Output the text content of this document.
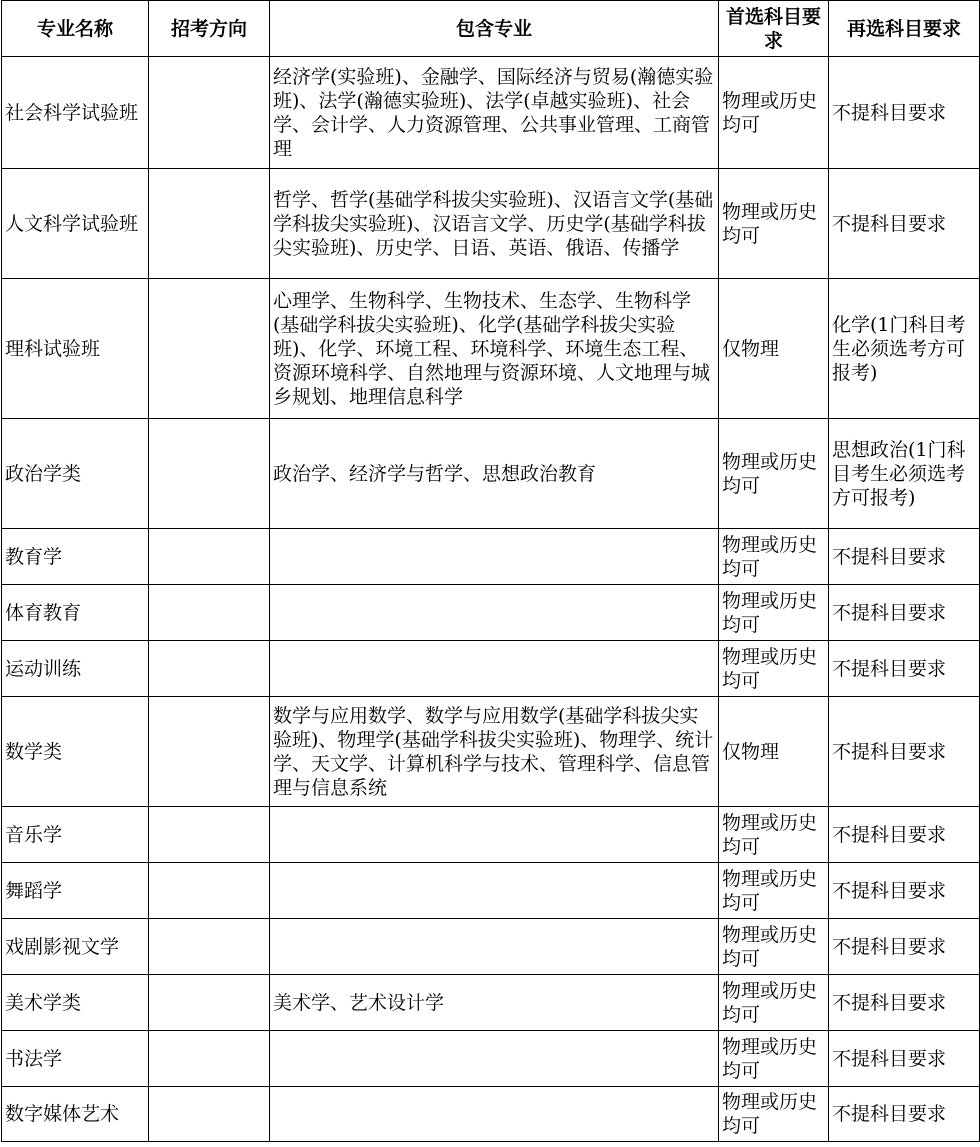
专业名称	招考方向	包含专业	首选科目要求	再选科目要求
社会科学试验班		经济学(实验班)、金融学、国际经济与贸易(瀚德实验班)、法学(瀚德实验班)、法学(卓越实验班)、社会学、会计学、人力资源管理、公共事业管理、工商管理	物理或历史均可	不提科目要求
人文科学试验班		哲学、哲学(基础学科拔尖实验班)、汉语言文学(基础学科拔尖实验班)、汉语言文学、历史学(基础学科拔尖实验班)、历史学、日语、英语、俄语、传播学	物理或历史均可	不提科目要求
理科试验班		心理学、生物科学、生物技术、生态学、生物科学(基础学科拔尖实验班)、化学(基础学科拔尖实验班)、化学、环境工程、环境科学、环境生态工程、资源环境科学、自然地理与资源环境、人文地理与城乡规划、地理信息科学	仅物理	化学(1门科目考生必须选考方可报考)
政治学类		政治学、经济学与哲学、思想政治教育	物理或历史均可	思想政治(1门科目考生必须选考方可报考)
教育学			物理或历史均可	不提科目要求
体育教育			物理或历史均可	不提科目要求
运动训练			物理或历史均可	不提科目要求
数学类		数学与应用数学、数学与应用数学(基础学科拔尖实验班)、物理学(基础学科拔尖实验班)、物理学、统计学、天文学、计算机科学与技术、管理科学、信息管理与信息系统	仅物理	不提科目要求
音乐学			物理或历史均可	不提科目要求
舞蹈学			物理或历史均可	不提科目要求
戏剧影视文学			物理或历史均可	不提科目要求
美术学类		美术学、艺术设计学	物理或历史均可	不提科目要求
书法学			物理或历史均可	不提科目要求
数字媒体艺术			物理或历史均可	不提科目要求
